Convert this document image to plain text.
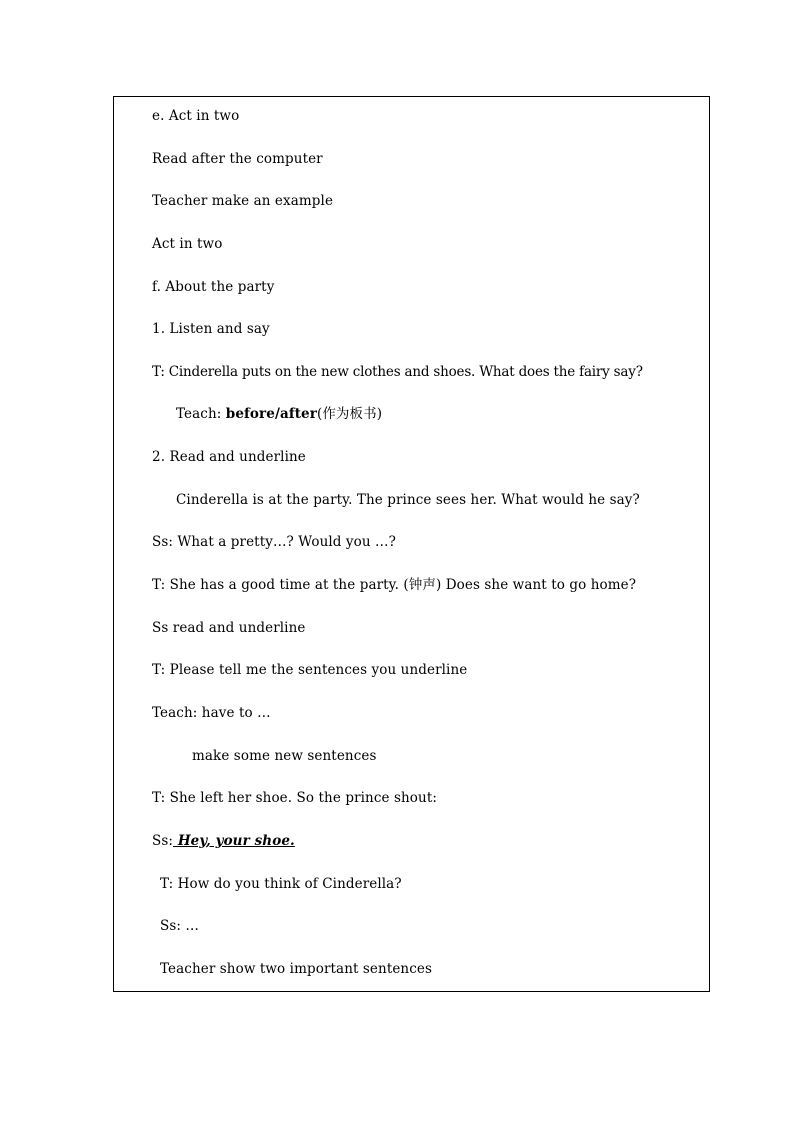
e. Act in two
Read after the computer
Teacher make an example
Act in two
f. About the party
1. Listen and say
T: Cinderella puts on the new clothes and shoes. What does the fairy say?
Teach: before/after(作为板书)
2. Read and underline
Cinderella is at the party. The prince sees her. What would he say?
Ss: What a pretty…? Would you …?
T: She has a good time at the party. (钟声) Does she want to go home?
Ss read and underline
T: Please tell me the sentences you underline
Teach: have to …
make some new sentences
T: She left her shoe. So the prince shout:
Ss: Hey, your shoe.
T: How do you think of Cinderella?
Ss: …
Teacher show two important sentences
